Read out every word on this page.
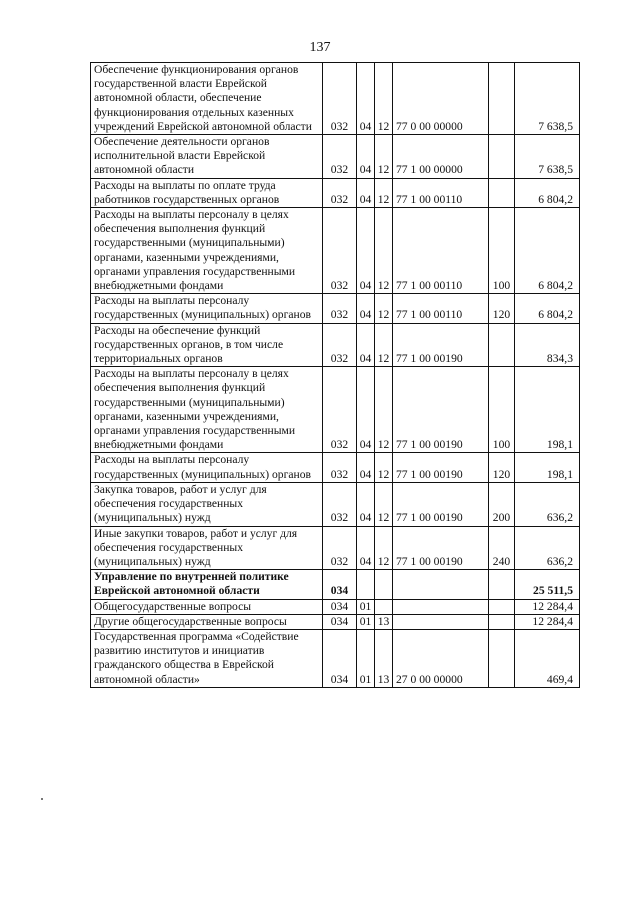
137
Обеспечение функционирования органов государственной власти Еврейской автономной области, обеспечение функционирования отдельных казенных учреждений Еврейской автономной области	032	04	12	77 0 00 00000		7 638,5
Обеспечение деятельности органов исполнительной власти Еврейской автономной области	032	04	12	77 1 00 00000		7 638,5
Расходы на выплаты по оплате труда работников государственных органов	032	04	12	77 1 00 00110		6 804,2
Расходы на выплаты персоналу в целях обеспечения выполнения функций государственными (муниципальными) органами, казенными учреждениями, органами управления государственными внебюджетными фондами	032	04	12	77 1 00 00110	100	6 804,2
Расходы на выплаты персоналу государственных (муниципальных) органов	032	04	12	77 1 00 00110	120	6 804,2
Расходы на обеспечение функций государственных органов, в том числе территориальных органов	032	04	12	77 1 00 00190		834,3
Расходы на выплаты персоналу в целях обеспечения выполнения функций государственными (муниципальными) органами, казенными учреждениями, органами управления государственными внебюджетными фондами	032	04	12	77 1 00 00190	100	198,1
Расходы на выплаты персоналу государственных (муниципальных) органов	032	04	12	77 1 00 00190	120	198,1
Закупка товаров, работ и услуг для обеспечения государственных (муниципальных) нужд	032	04	12	77 1 00 00190	200	636,2
Иные закупки товаров, работ и услуг для обеспечения государственных (муниципальных) нужд	032	04	12	77 1 00 00190	240	636,2
Управление по внутренней политике Еврейской автономной области	034					25 511,5
Общегосударственные вопросы	034	01				12 284,4
Другие общегосударственные вопросы	034	01	13			12 284,4
Государственная программа «Содействие развитию институтов и инициатив гражданского общества в Еврейской автономной области»	034	01	13	27 0 00 00000		469,4
